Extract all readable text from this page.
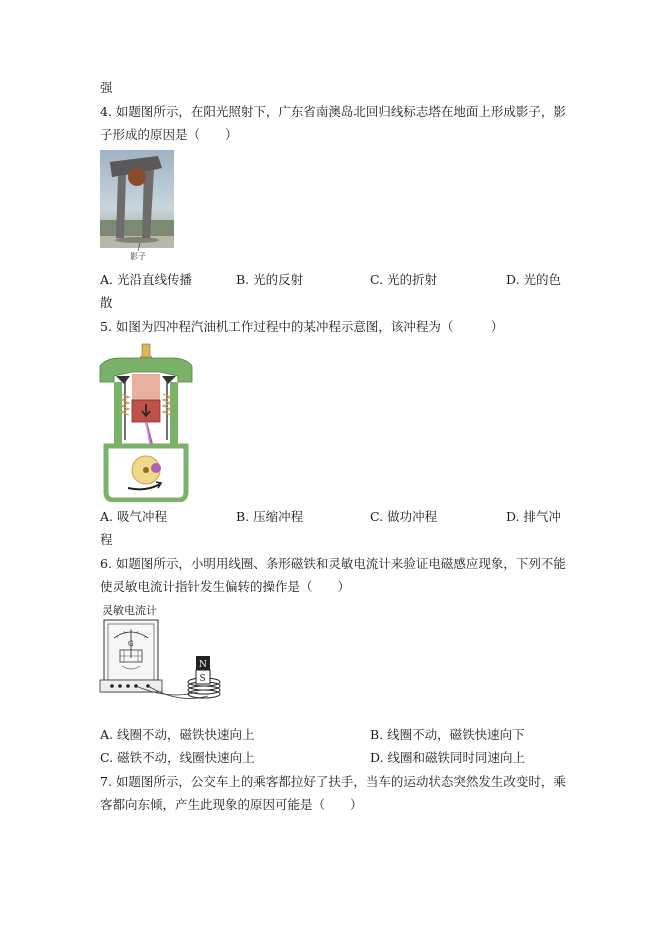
强
4. 如题图所示，在阳光照射下，广东省南澳岛北回归线标志塔在地面上形成影子，影
子形成的原因是（　　）
影子
A. 光沿直线传播	B. 光的反射	C. 光的折射	D. 光的色
散
5. 如图为四冲程汽油机工作过程中的某冲程示意图，该冲程为（　　　）
A. 吸气冲程	B. 压缩冲程	C. 做功冲程	D. 排气冲
程
6. 如题图所示，小明用线圈、条形磁铁和灵敏电流计来验证电磁感应现象，下列不能
使灵敏电流计指针发生偏转的操作是（　　）
灵敏电流计
G
N
S
A. 线圈不动，磁铁快速向上	B. 线圈不动，磁铁快速向下
C. 磁铁不动，线圈快速向上	D. 线圈和磁铁同时同速向上
7. 如题图所示，公交车上的乘客都拉好了扶手，当车的运动状态突然发生改变时，乘
客都向东倾，产生此现象的原因可能是（　　）
